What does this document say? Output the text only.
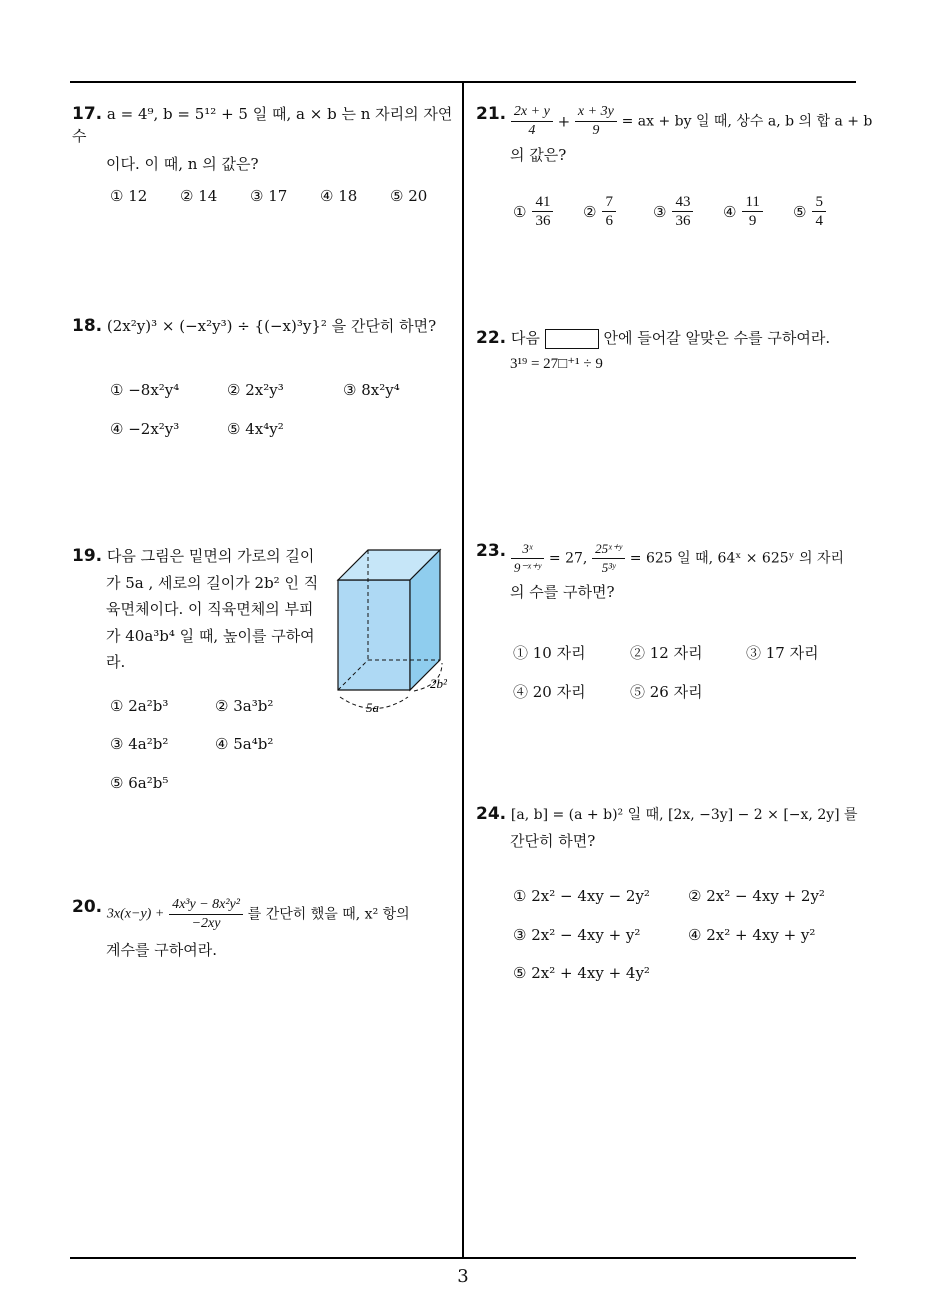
17. a = 4⁹, b = 5¹² + 5 일 때, a × b 는 n 자리의 자연수
이다. 이 때, n 의 값은?
① 12 ② 14 ③ 17 ④ 18 ⑤ 20
18. (2x²y)³ × (−x²y³) ÷ {(−x)³y}² 을 간단히 하면?
① −8x²y⁴	② 2x²y³	③ 8x²y⁴
④ −2x²y³	⑤ 4x⁴y²
19. 다음 그림은 밑면의 가로의 길이
가 5a , 세로의 길이가 2b² 인 직
육면체이다. 이 직육면체의 부피
가 40a³b⁴ 일 때, 높이를 구하여
라.
5a
2b²
① 2a²b³	② 3a³b²
③ 4a²b²	④ 5a⁴b²
⑤ 6a²b⁵
20. $3x(x-y) + \frac{\text{4x³y − 8x²y²}}{-2xy}$ 를 간단히 했을 때, x² 항의
계수를 구하여라.
21. $\frac{2x + y}{4} + \frac{x + 3y}{9}$ = ax + by 일 때, 상수 a, b 의 합 a + b
의 값은?
① $\frac{41}{36}$ ② $\frac{7}{6}$ ③ $\frac{43}{36}$ ④ $\frac{11}{9}$ ⑤ $\frac{5}{4}$
22. 다음	안에 들어갈 알맞은 수를 구하여라.
3¹⁹ = 27□⁺¹ ÷ 9
23. $\frac{\text{3ˣ}}{\text{9⁻ˣ⁺ʸ}} = 27$, $\frac{\text{25ˣ⁺ʸ}}{\text{5³ʸ}} = 625$ 일 때, 64ˣ × 625ʸ 의 자리
의 수를 구하면?
① 10 자리	② 12 자리	③ 17 자리
④ 20 자리	⑤ 26 자리
24. [a, b] = (a + b)² 일 때, [2x, −3y] − 2 × [−x, 2y] 를
간단히 하면?
① 2x² − 4xy − 2y²	② 2x² − 4xy + 2y²
③ 2x² − 4xy + y²	④ 2x² + 4xy + y²
⑤ 2x² + 4xy + 4y²
3
